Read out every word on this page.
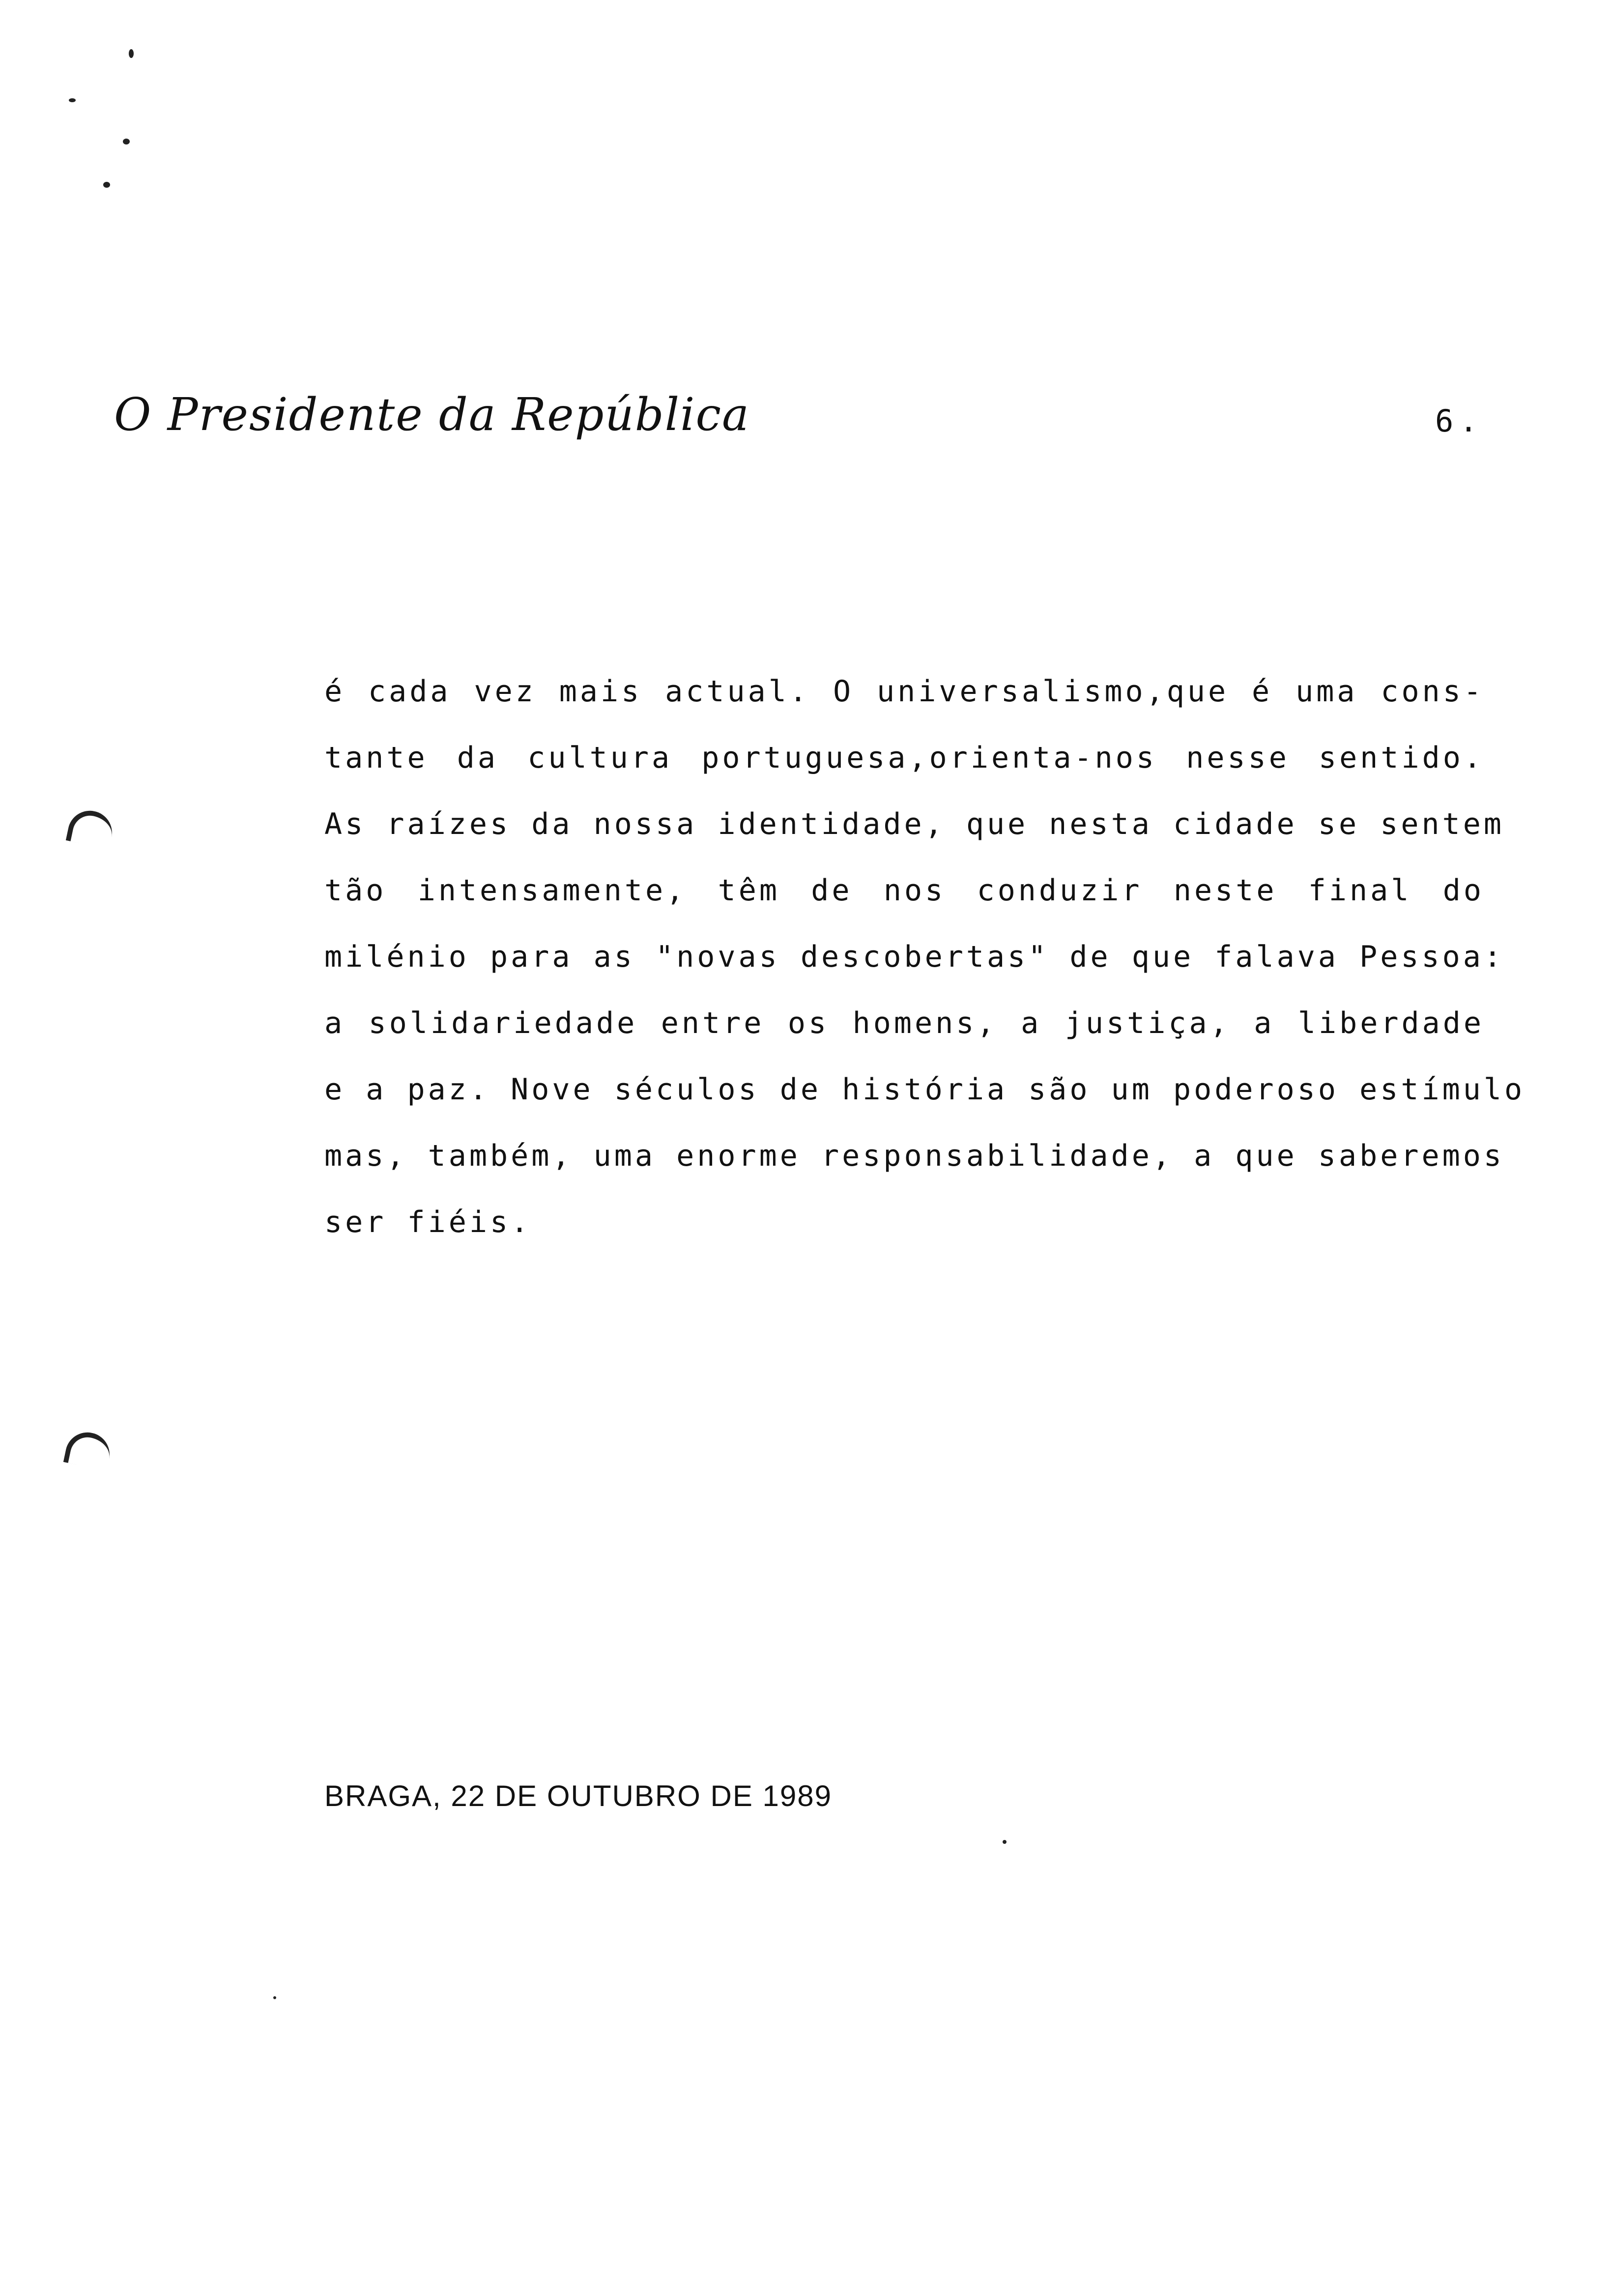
O Presidente da República	6.
é cada vez mais actual. O universalismo,que é uma cons-
tante da cultura portuguesa,orienta-nos nesse sentido.
As raízes da nossa identidade, que nesta cidade se sentem
tão intensamente, têm de nos conduzir neste final do
milénio para as "novas descobertas" de que falava Pessoa:
a solidariedade entre os homens, a justiça, a liberdade
e a paz. Nove séculos de história são um poderoso estímulo
mas, também, uma enorme responsabilidade, a que saberemos
ser fiéis.
BRAGA, 22 DE OUTUBRO DE 1989
